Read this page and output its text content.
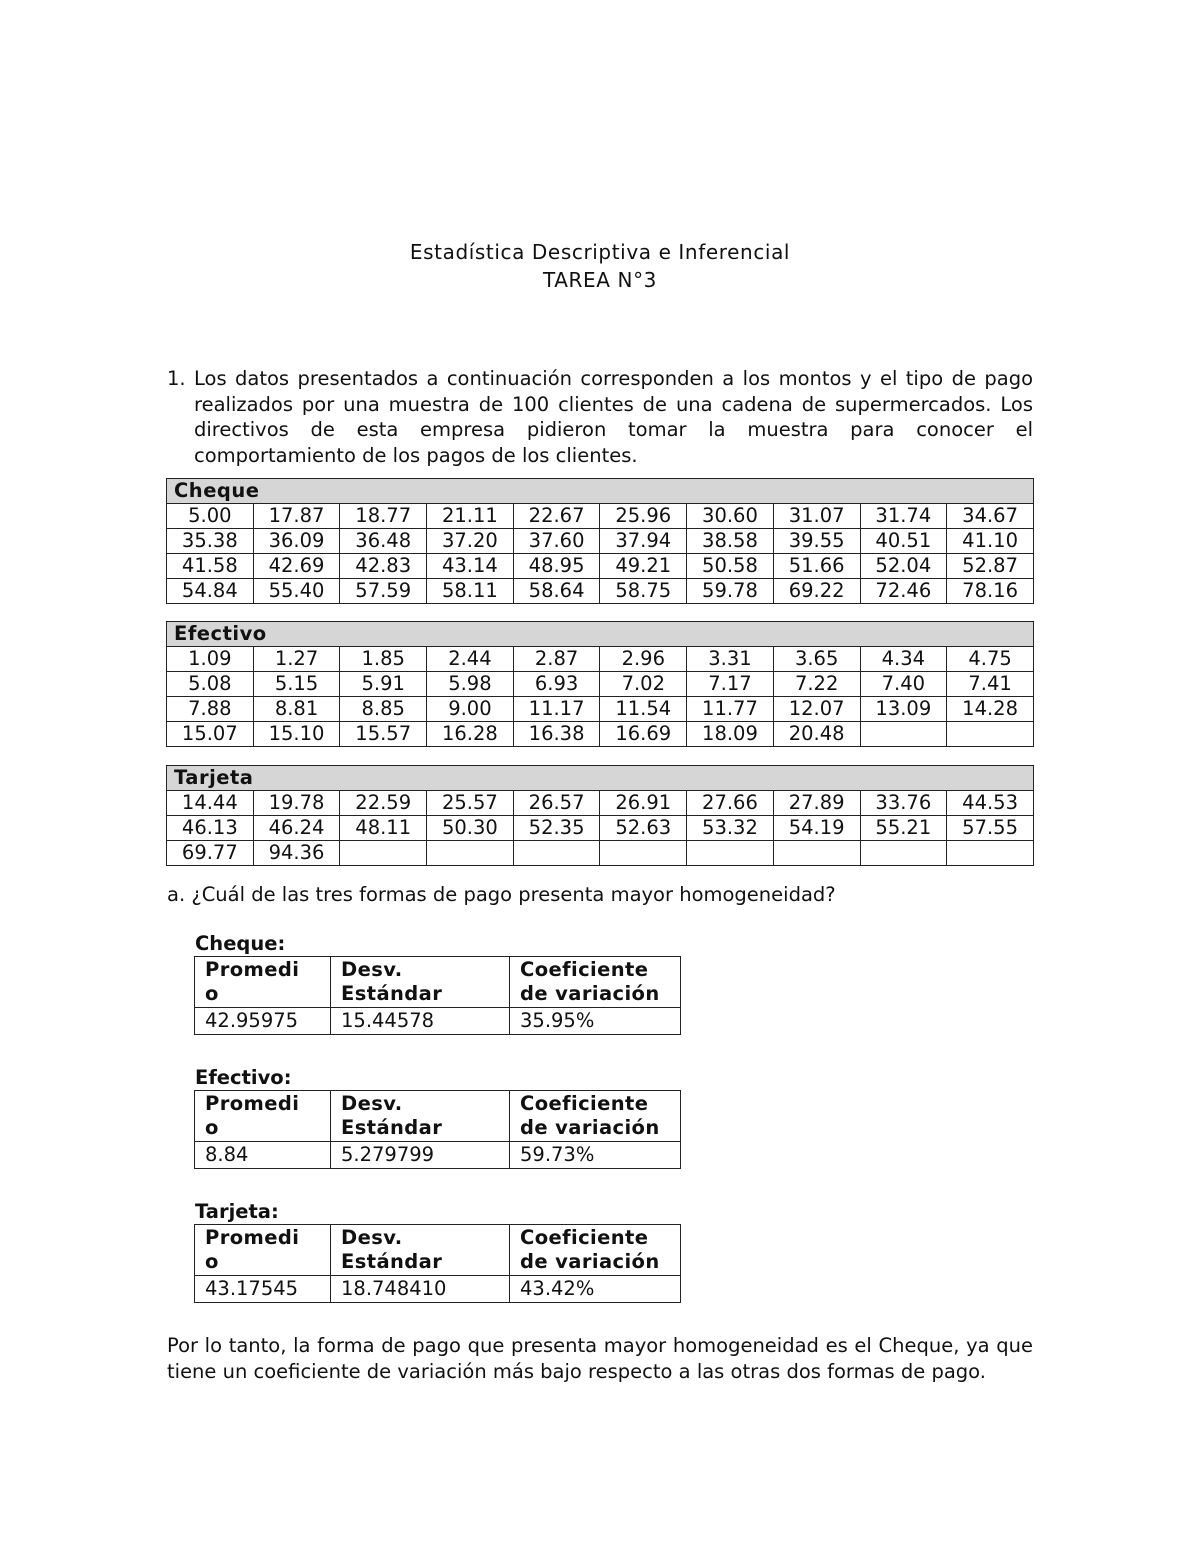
Estadística Descriptiva e Inferencial
TAREA N°3
1. Los datos presentados a continuación corresponden a los montos y el tipo de pago realizados por una muestra de 100 clientes de una cadena de supermercados. Los directivos de esta empresa pidieron tomar la muestra para conocer el comportamiento de los pagos de los clientes.
Cheque									
5.00	17.87	18.77	21.11	22.67	25.96	30.60	31.07	31.74	34.67
35.38	36.09	36.48	37.20	37.60	37.94	38.58	39.55	40.51	41.10
41.58	42.69	42.83	43.14	48.95	49.21	50.58	51.66	52.04	52.87
54.84	55.40	57.59	58.11	58.64	58.75	59.78	69.22	72.46	78.16
Efectivo									
1.09	1.27	1.85	2.44	2.87	2.96	3.31	3.65	4.34	4.75
5.08	5.15	5.91	5.98	6.93	7.02	7.17	7.22	7.40	7.41
7.88	8.81	8.85	9.00	11.17	11.54	11.77	12.07	13.09	14.28
15.07	15.10	15.57	16.28	16.38	16.69	18.09	20.48		
Tarjeta									
14.44	19.78	22.59	25.57	26.57	26.91	27.66	27.89	33.76	44.53
46.13	46.24	48.11	50.30	52.35	52.63	53.32	54.19	55.21	57.55
69.77	94.36								
a. ¿Cuál de las tres formas de pago presenta mayor homogeneidad?
Cheque:
Promedi o	Desv. Estándar	Coeficiente de variación
42.95975	15.44578	35.95%
Efectivo:
Promedi o	Desv. Estándar	Coeficiente de variación
8.84	5.279799	59.73%
Tarjeta:
Promedi o	Desv. Estándar	Coeficiente de variación
43.17545	18.748410	43.42%
Por lo tanto, la forma de pago que presenta mayor homogeneidad es el Cheque, ya que tiene un coeficiente de variación más bajo respecto a las otras dos formas de pago.
